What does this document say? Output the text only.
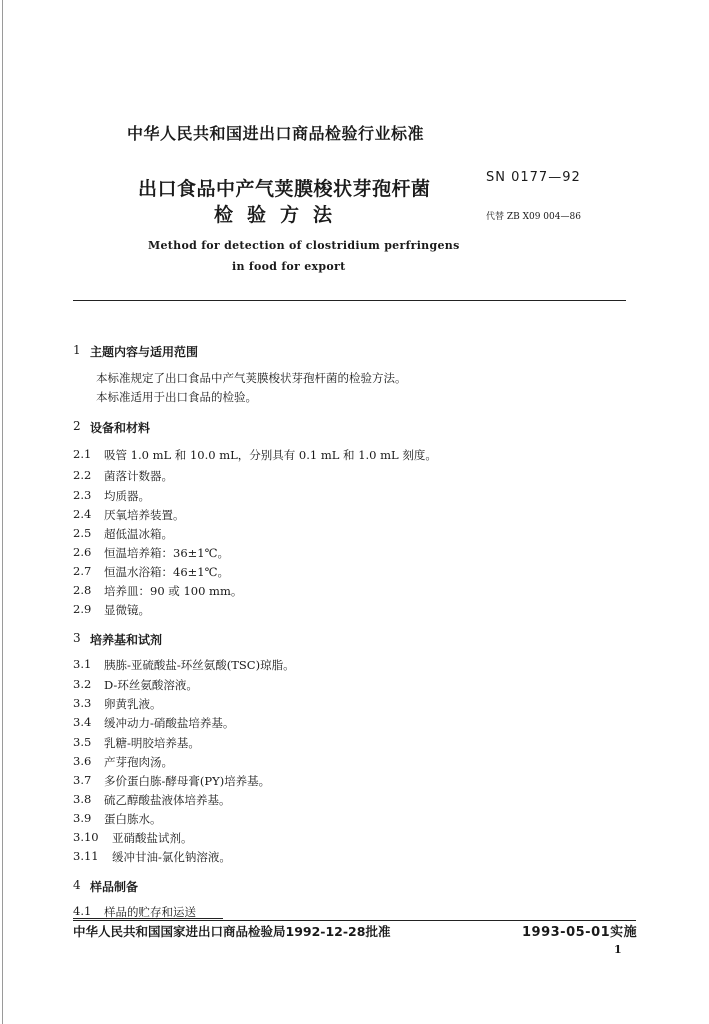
中华人民共和国进出口商品检验行业标准
出口食品中产气荚膜梭状芽孢杆菌
检验方法
SN 0177—92
代替 ZB X09 004—86
Method for detection of clostridium perfringens
in food for export
1 主题内容与适用范围
本标准规定了出口食品中产气荚膜梭状芽孢杆菌的检验方法。
本标准适用于出口食品的检验。
2 设备和材料
2.1 吸管 1.0 mL 和 10.0 mL，分别具有 0.1 mL 和 1.0 mL 刻度。
2.2 菌落计数器。
2.3 均质器。
2.4 厌氧培养装置。
2.5 超低温冰箱。
2.6 恒温培养箱：36±1℃。
2.7 恒温水浴箱：46±1℃。
2.8 培养皿：90 或 100 mm。
2.9 显微镜。
3 培养基和试剂
3.1 胰胨-亚硫酸盐-环丝氨酸(TSC)琼脂。
3.2 D-环丝氨酸溶液。
3.3 卵黄乳液。
3.4 缓冲动力-硝酸盐培养基。
3.5 乳糖-明胶培养基。
3.6 产芽孢肉汤。
3.7 多价蛋白胨-酵母膏(PY)培养基。
3.8 硫乙醇酸盐液体培养基。
3.9 蛋白胨水。
3.10 亚硝酸盐试剂。
3.11 缓冲甘油-氯化钠溶液。
4 样品制备
4.1 样品的贮存和运送
中华人民共和国国家进出口商品检验局1992-12-28批准	1993-05-01实施
1
